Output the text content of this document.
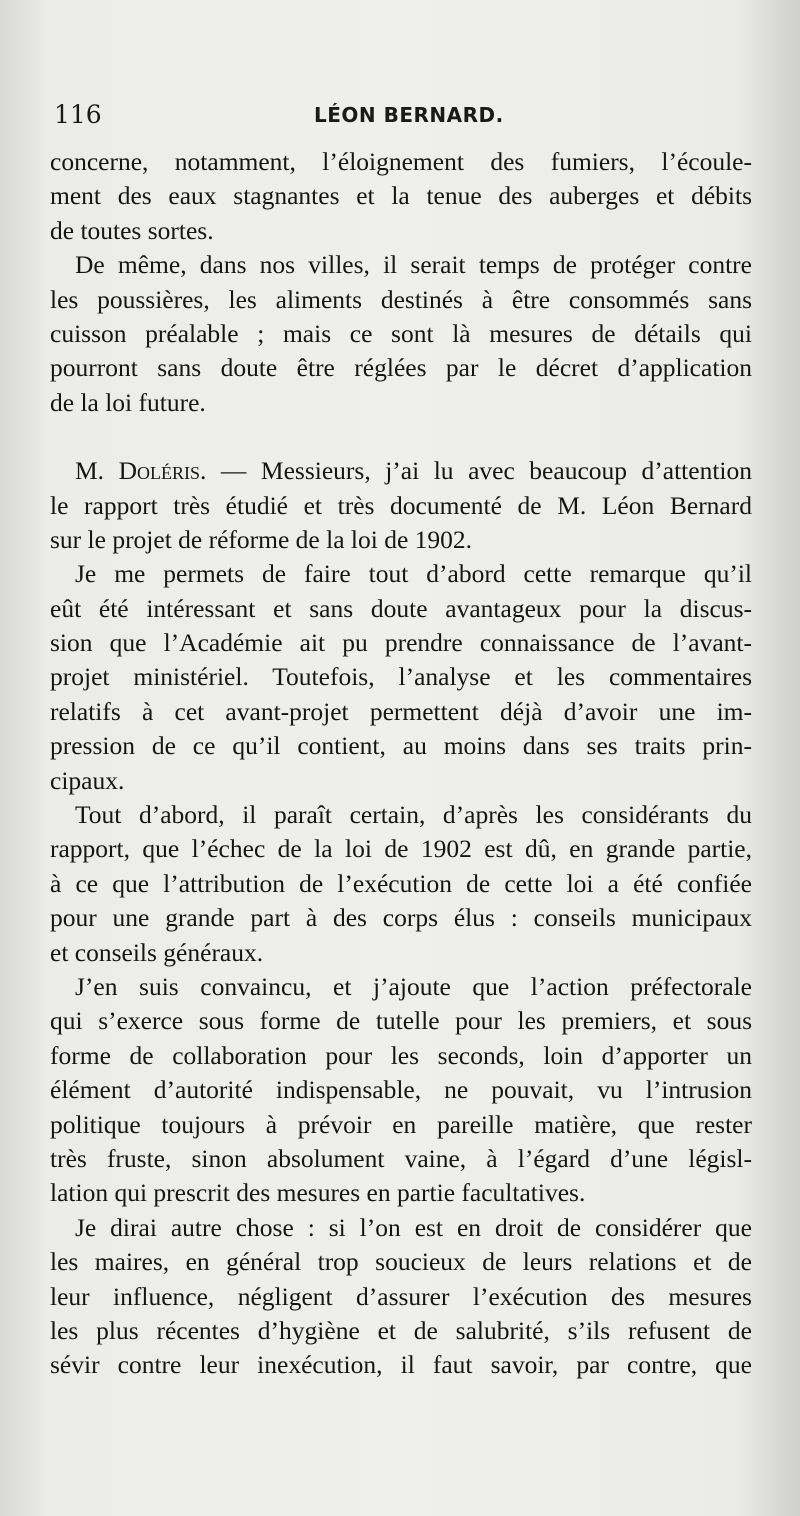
116	LÉON BERNARD.
concerne, notamment, l’éloignement des fumiers, l’écoule-
ment des eaux stagnantes et la tenue des auberges et débits
de toutes sortes.
De même, dans nos villes, il serait temps de protéger contre
les poussières, les aliments destinés à être consommés sans
cuisson préalable ; mais ce sont là mesures de détails qui
pourront sans doute être réglées par le décret d’application
de la loi future.
M. Doléris. — Messieurs, j’ai lu avec beaucoup d’attention
le rapport très étudié et très documenté de M. Léon Bernard
sur le projet de réforme de la loi de 1902.
Je me permets de faire tout d’abord cette remarque qu’il
eût été intéressant et sans doute avantageux pour la discus-
sion que l’Académie ait pu prendre connaissance de l’avant-
projet ministériel. Toutefois, l’analyse et les commentaires
relatifs à cet avant-projet permettent déjà d’avoir une im-
pression de ce qu’il contient, au moins dans ses traits prin-
cipaux.
Tout d’abord, il paraît certain, d’après les considérants du
rapport, que l’échec de la loi de 1902 est dû, en grande partie,
à ce que l’attribution de l’exécution de cette loi a été confiée
pour une grande part à des corps élus : conseils municipaux
et conseils généraux.
J’en suis convaincu, et j’ajoute que l’action préfectorale
qui s’exerce sous forme de tutelle pour les premiers, et sous
forme de collaboration pour les seconds, loin d’apporter un
élément d’autorité indispensable, ne pouvait, vu l’intrusion
politique toujours à prévoir en pareille matière, que rester
très fruste, sinon absolument vaine, à l’égard d’une législ-
lation qui prescrit des mesures en partie facultatives.
Je dirai autre chose : si l’on est en droit de considérer que
les maires, en général trop soucieux de leurs relations et de
leur influence, négligent d’assurer l’exécution des mesures
les plus récentes d’hygiène et de salubrité, s’ils refusent de
sévir contre leur inexécution, il faut savoir, par contre, que
